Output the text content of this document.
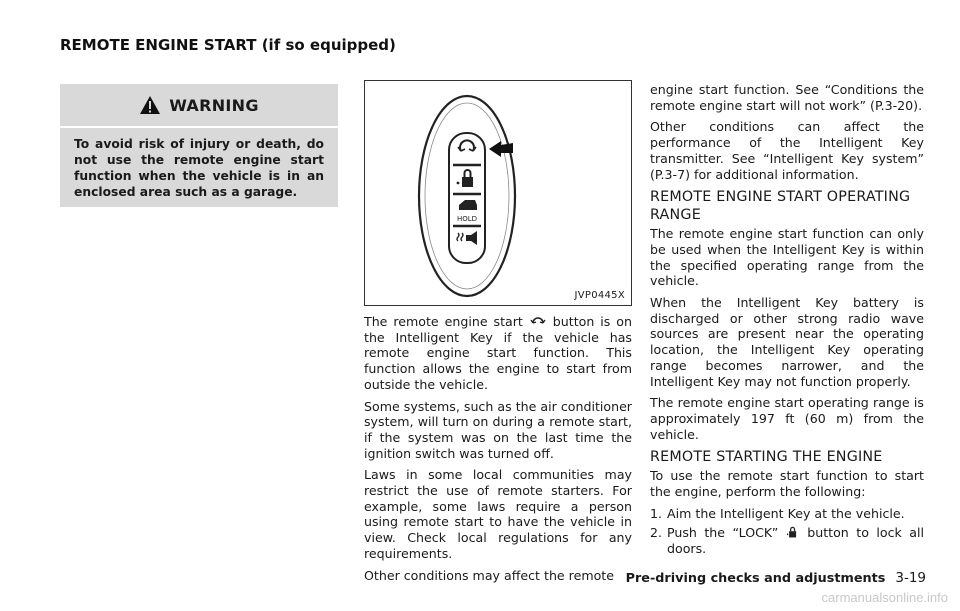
REMOTE ENGINE START (if so equipped)
WARNING
To avoid risk of injury or death, do not use the remote engine start function when the vehicle is in an enclosed area such as a garage.
HOLD
JVP0445X

The remote engine start button is on the Intelligent Key if the vehicle has remote engine start function. This function allows the engine to start from outside the vehicle.

Some systems, such as the air conditioner system, will turn on during a remote start, if the system was on the last time the ignition switch was turned off.

Laws in some local communities may restrict the use of remote starters. For example, some laws require a person using remote start to have the vehicle in view. Check local regulations for any requirements.

Other conditions may affect the remote

engine start function. See “Conditions the remote engine start will not work” (P.3-20).

Other conditions can affect the performance of the Intelligent Key transmitter. See “Intelligent Key system” (P.3-7) for additional information.

REMOTE ENGINE START OPERATING RANGE

The remote engine start function can only be used when the Intelligent Key is within the specified operating range from the vehicle.

When the Intelligent Key battery is discharged or other strong radio wave sources are present near the operating location, the Intelligent Key operating range becomes narrower, and the Intelligent Key may not function properly.

The remote engine start operating range is approximately 197 ft (60 m) from the vehicle.

REMOTE STARTING THE ENGINE

To use the remote start function to start the engine, perform the following:

1. Aim the Intelligent Key at the vehicle.
2. Push the “LOCK” button to lock all doors.
Pre-driving checks and adjustments 3-19
carmanualsonline.info
